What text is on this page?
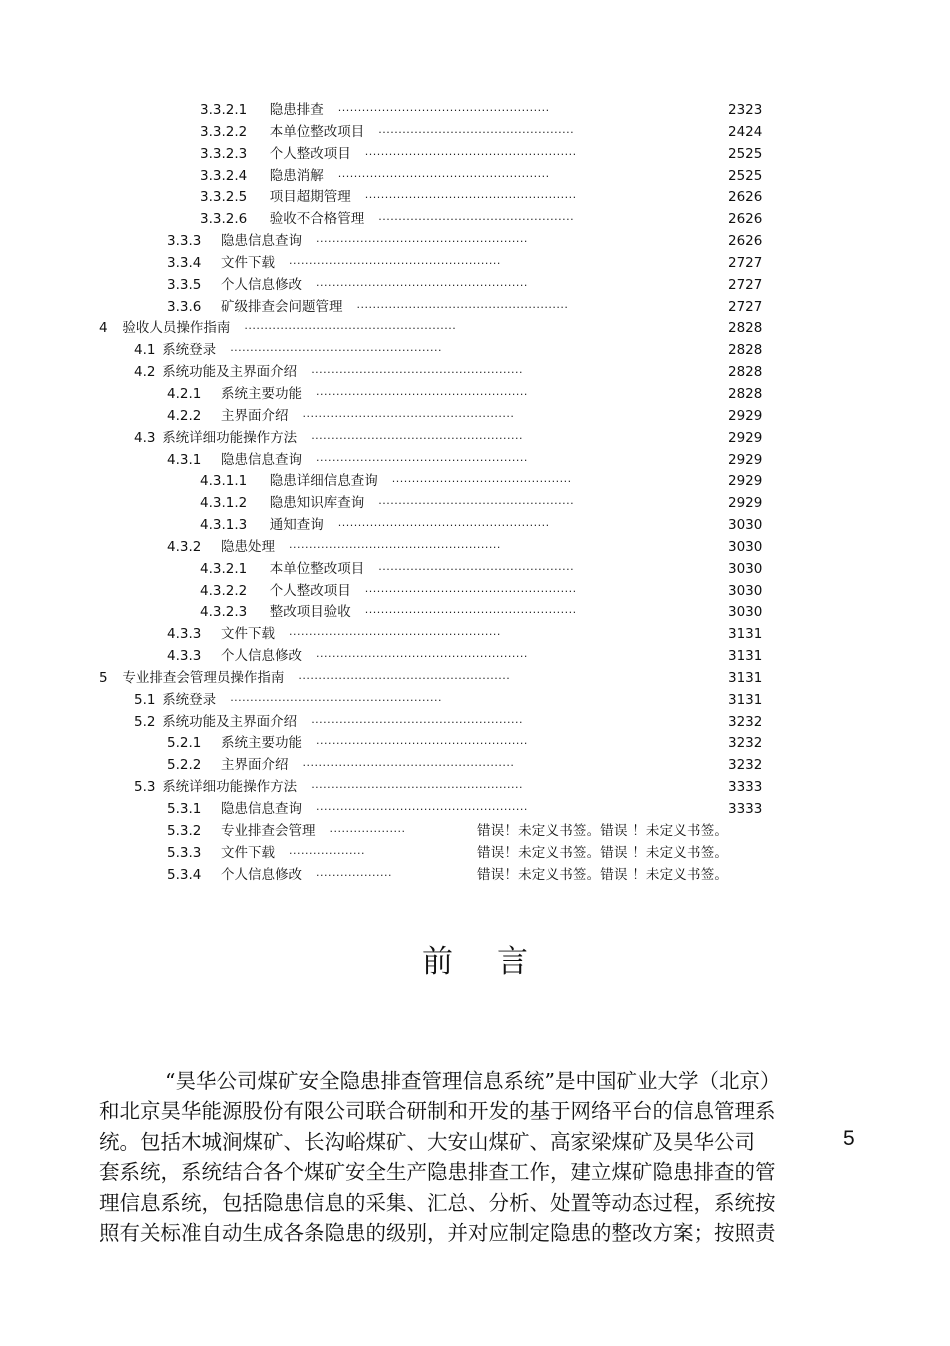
3.3.2.1 隐患排查 .....................................................	2323
3.3.2.2 本单位整改项目 .................................................	2424
3.3.2.3 个人整改项目 .....................................................	2525
3.3.2.4 隐患消解 .....................................................	2525
3.3.2.5 项目超期管理 .....................................................	2626
3.3.2.6 验收不合格管理 .................................................	2626
3.3.3 隐患信息查询 .....................................................	2626
3.3.4 文件下载 .....................................................	2727
3.3.5 个人信息修改 .....................................................	2727
3.3.6 矿级排查会问题管理 .....................................................	2727
4 验收人员操作指南 .....................................................	2828
4.1 系统登录 .....................................................	2828
4.2 系统功能及主界面介绍 .....................................................	2828
4.2.1 系统主要功能 .....................................................	2828
4.2.2 主界面介绍 .....................................................	2929
4.3 系统详细功能操作方法 .....................................................	2929
4.3.1 隐患信息查询 .....................................................	2929
4.3.1.1 隐患详细信息查询 .............................................	2929
4.3.1.2 隐患知识库查询 .................................................	2929
4.3.1.3 通知查询 .....................................................	3030
4.3.2 隐患处理 .....................................................	3030
4.3.2.1 本单位整改项目 .................................................	3030
4.3.2.2 个人整改项目 .....................................................	3030
4.3.2.3 整改项目验收 .....................................................	3030
4.3.3 文件下载 .....................................................	3131
4.3.3 个人信息修改 .....................................................	3131
5 专业排查会管理员操作指南 .....................................................	3131
5.1 系统登录 .....................................................	3131
5.2 系统功能及主界面介绍 .....................................................	3232
5.2.1 系统主要功能 .....................................................	3232
5.2.2 主界面介绍 .....................................................	3232
5.3 系统详细功能操作方法 .....................................................	3333
5.3.1 隐患信息查询 .....................................................	3333
5.3.2 专业排查会管理 ...................	错误！未定义书签。错误 ！未定义书签。
5.3.3 文件下载 ...................	错误！未定义书签。错误 ！未定义书签。
5.3.4 个人信息修改 ...................	错误！未定义书签。错误 ！未定义书签。
前言
“昊华公司煤矿安全隐患排查管理信息系统”是中国矿业大学（北京）
和北京昊华能源股份有限公司联合研制和开发的基于网络平台的信息管理系
统。包括木城涧煤矿、长沟峪煤矿、大安山煤矿、高家梁煤矿及昊华公司
套系统，系统结合各个煤矿安全生产隐患排查工作，建立煤矿隐患排查的管
理信息系统，包括隐患信息的采集、汇总、分析、处置等动态过程，系统按
照有关标准自动生成各条隐患的级别，并对应制定隐患的整改方案；按照责
5
